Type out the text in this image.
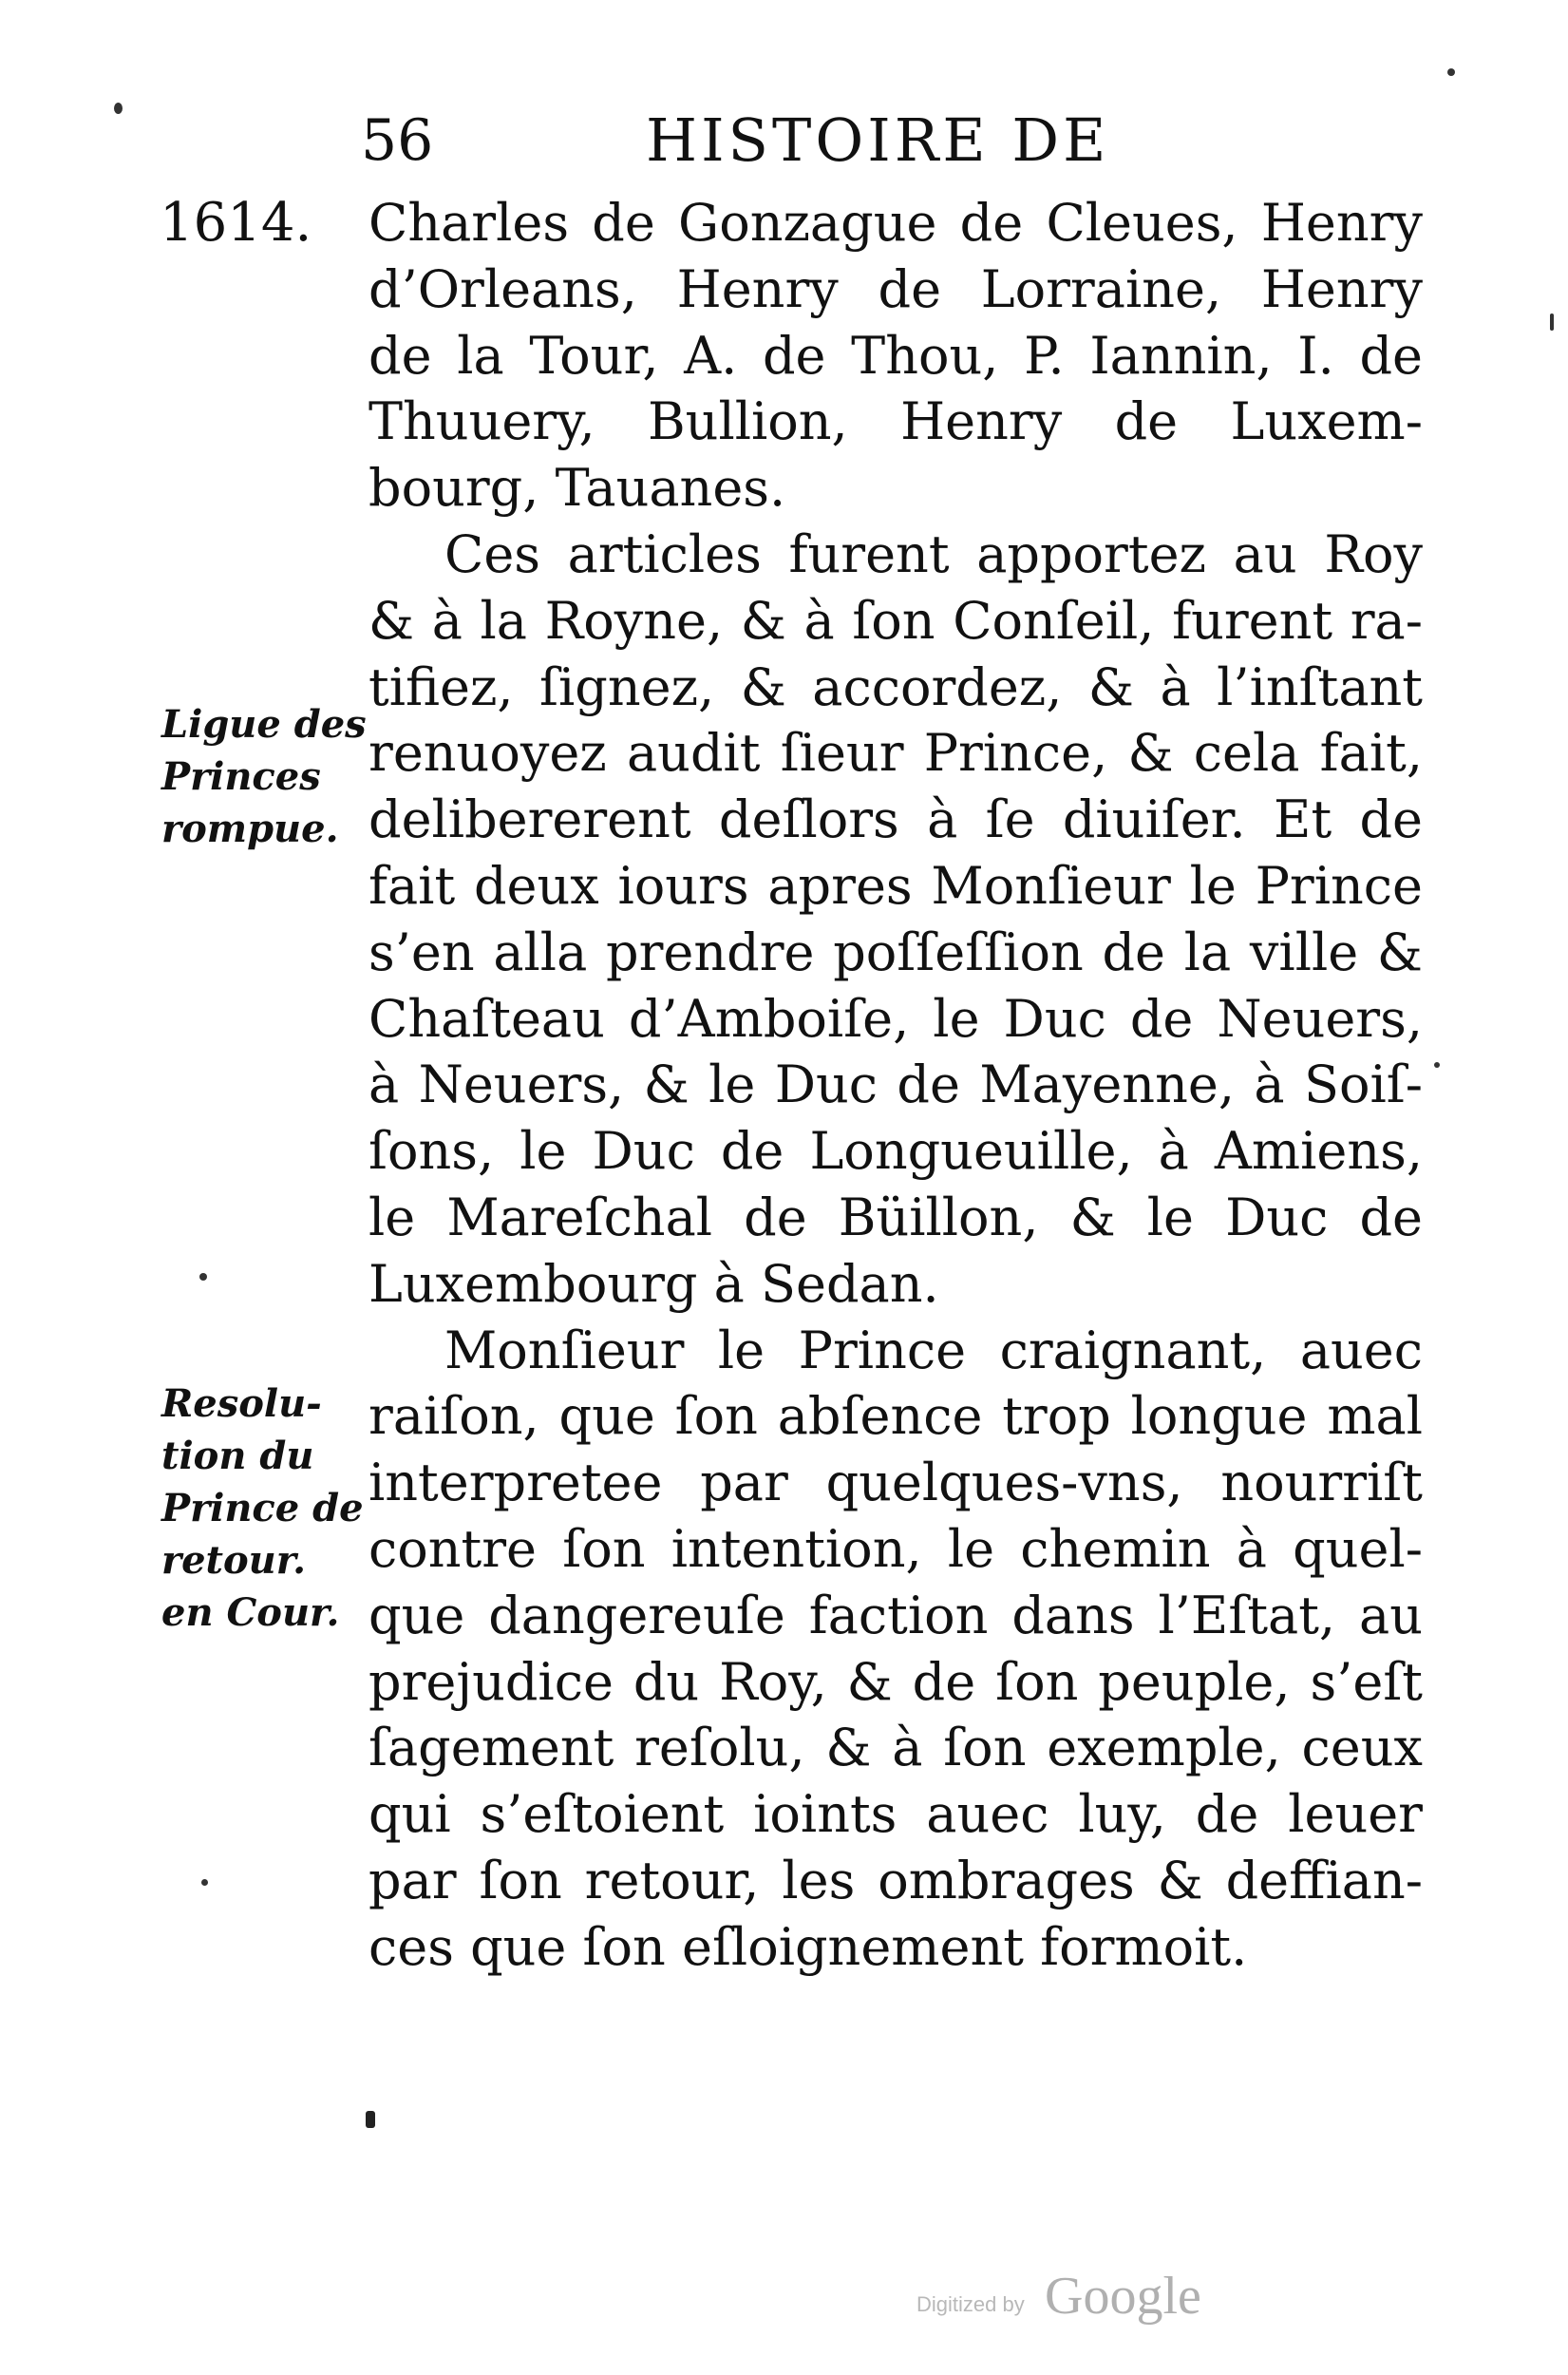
56	HISTOIRE DE
1614.
Ligue des
Princes
rompue.
Resolu-
tion du
Prince de
retour.
en Cour.
Charles de Gonzague de Cleues, Henry
d’Orleans, Henry de Lorraine, Henry
de la Tour, A. de Thou, P. Iannin, I. de
Thuuery, Bullion, Henry de Luxem-
bourg, Tauanes.
Ces articles furent apportez au Roy
& à la Royne, & à ſon Conſeil, furent ra-
tifiez, ſignez, & accordez, & à l’inſtant
renuoyez audit ſieur Prince, & cela fait,
delibererent deſlors à ſe diuiſer. Et de
fait deux iours apres Monſieur le Prince
s’en alla prendre poſſeſſion de la ville &
Chaſteau d’Amboiſe, le Duc de Neuers,
à Neuers, & le Duc de Mayenne, à Soiſ-
ſons, le Duc de Longueuille, à Amiens,
le Mareſchal de Büillon, & le Duc de
Luxembourg à Sedan.
Monſieur le Prince craignant, auec
raiſon, que ſon abſence trop longue mal
interpretee par quelques-vns, nourriſt
contre ſon intention, le chemin à quel-
que dangereuſe faction dans l’Eſtat, au
prejudice du Roy, & de ſon peuple, s’eſt
ſagement reſolu, & à ſon exemple, ceux
qui s’eſtoient ioints auec luy, de leuer
par ſon retour, les ombrages & deffian-
ces que ſon eſloignement formoit.
Digitized by Google
